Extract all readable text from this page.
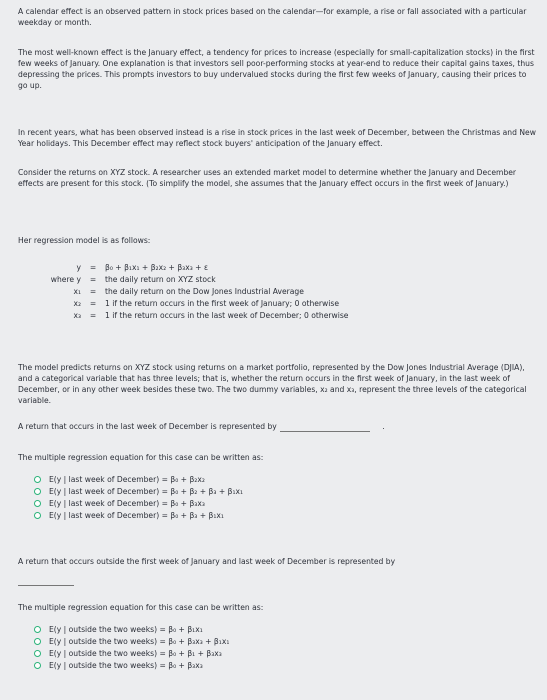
A calendar effect is an observed pattern in stock prices based on the calendar—for example, a rise or fall associated with a particular weekday or month.

The most well-known effect is the January effect, a tendency for prices to increase (especially for small-capitalization stocks) in the first few weeks of January. One explanation is that investors sell poor-performing stocks at year-end to reduce their capital gains taxes, thus depressing the prices. This prompts investors to buy undervalued stocks during the first few weeks of January, causing their prices to go up.

In recent years, what has been observed instead is a rise in stock prices in the last week of December, between the Christmas and New Year holidays. This December effect may reflect stock buyers' anticipation of the January effect.

Consider the returns on XYZ stock. A researcher uses an extended market model to determine whether the January and December effects are present for this stock. (To simplify the model, she assumes that the January effect occurs in the first week of January.)

Her regression model is as follows:

y	=	β₀ + β₁x₁ + β₂x₂ + β₃x₃ + ε
where y	=	the daily return on XYZ stock
x₁	=	the daily return on the Dow Jones Industrial Average
x₂	=	1 if the return occurs in the first week of January; 0 otherwise
x₃	=	1 if the return occurs in the last week of December; 0 otherwise

The model predicts returns on XYZ stock using returns on a market portfolio, represented by the Dow Jones Industrial Average (DJIA), and a categorical variable that has three levels; that is, whether the return occurs in the first week of January, in the last week of December, or in any other week besides these two. The two dummy variables, x₂ and x₃, represent the three levels of the categorical variable.

A return that occurs in the last week of December is represented by	.

The multiple regression equation for this case can be written as:

E(y | last week of December) = β₀ + β₂x₂
E(y | last week of December) = β₀ + β₂ + β₃ + β₁x₁
E(y | last week of December) = β₀ + β₃x₃
E(y | last week of December) = β₀ + β₃ + β₁x₁
A return that occurs outside the first week of January and last week of December is represented by

The multiple regression equation for this case can be written as:

E(y | outside the two weeks) = β₀ + β₁x₁
E(y | outside the two weeks) = β₀ + β₃x₃ + β₁x₁
E(y | outside the two weeks) = β₀ + β₁ + β₃x₃
E(y | outside the two weeks) = β₀ + β₃x₃
